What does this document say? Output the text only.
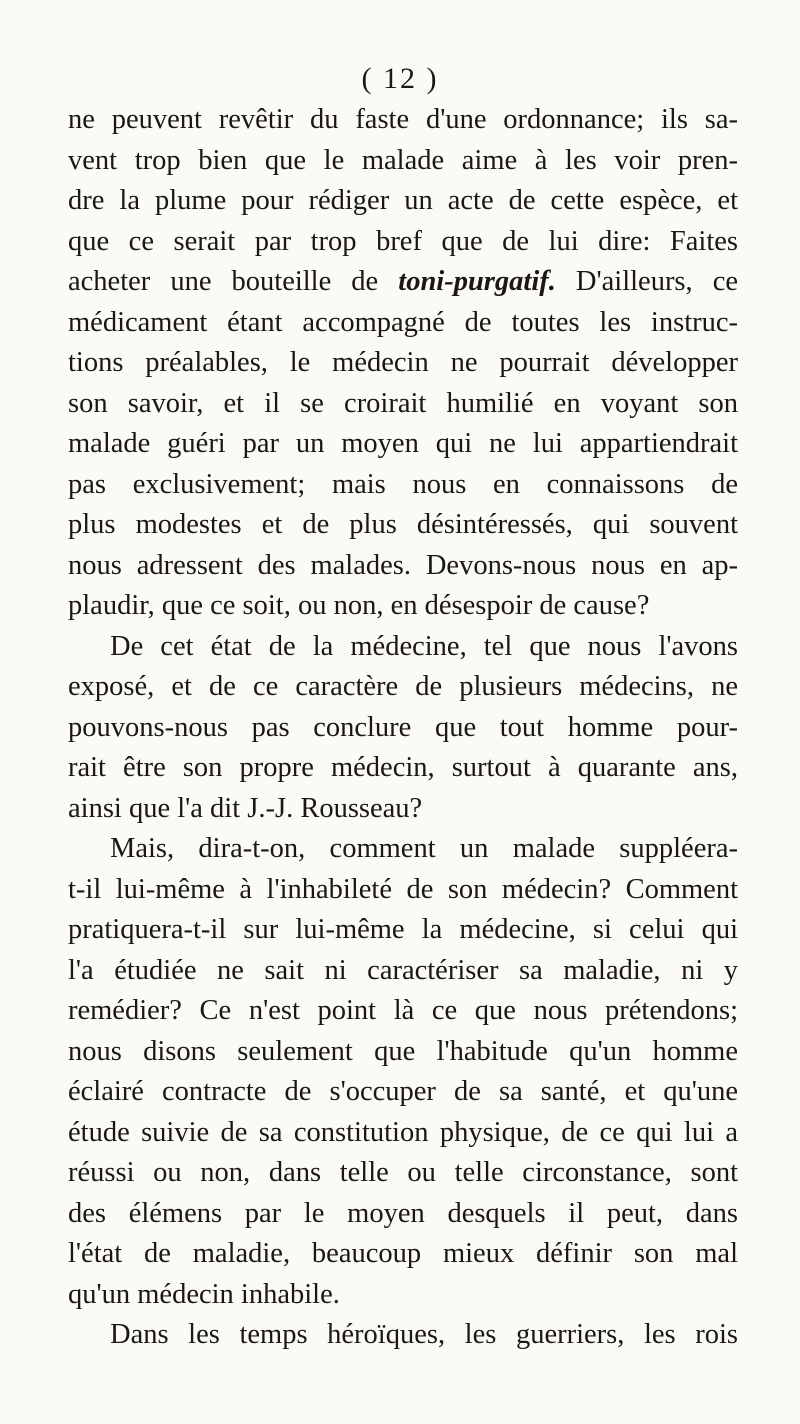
( 12 )
ne peuvent revêtir du faste d'une ordonnance; ils sa-
vent trop bien que le malade aime à les voir pren-
dre la plume pour rédiger un acte de cette espèce, et
que ce serait par trop bref que de lui dire: Faites
acheter une bouteille de toni-purgatif. D'ailleurs, ce
médicament étant accompagné de toutes les instruc-
tions préalables, le médecin ne pourrait développer
son savoir, et il se croirait humilié en voyant son
malade guéri par un moyen qui ne lui appartiendrait
pas exclusivement; mais nous en connaissons de
plus modestes et de plus désintéressés, qui souvent
nous adressent des malades. Devons-nous nous en ap-
plaudir, que ce soit, ou non, en désespoir de cause?
De cet état de la médecine, tel que nous l'avons
exposé, et de ce caractère de plusieurs médecins, ne
pouvons-nous pas conclure que tout homme pour-
rait être son propre médecin, surtout à quarante ans,
ainsi que l'a dit J.-J. Rousseau?
Mais, dira-t-on, comment un malade suppléera-
t-il lui-même à l'inhabileté de son médecin? Comment
pratiquera-t-il sur lui-même la médecine, si celui qui
l'a étudiée ne sait ni caractériser sa maladie, ni y
remédier? Ce n'est point là ce que nous prétendons;
nous disons seulement que l'habitude qu'un homme
éclairé contracte de s'occuper de sa santé, et qu'une
étude suivie de sa constitution physique, de ce qui lui a
réussi ou non, dans telle ou telle circonstance, sont
des élémens par le moyen desquels il peut, dans
l'état de maladie, beaucoup mieux définir son mal
qu'un médecin inhabile.
Dans les temps héroïques, les guerriers, les rois
